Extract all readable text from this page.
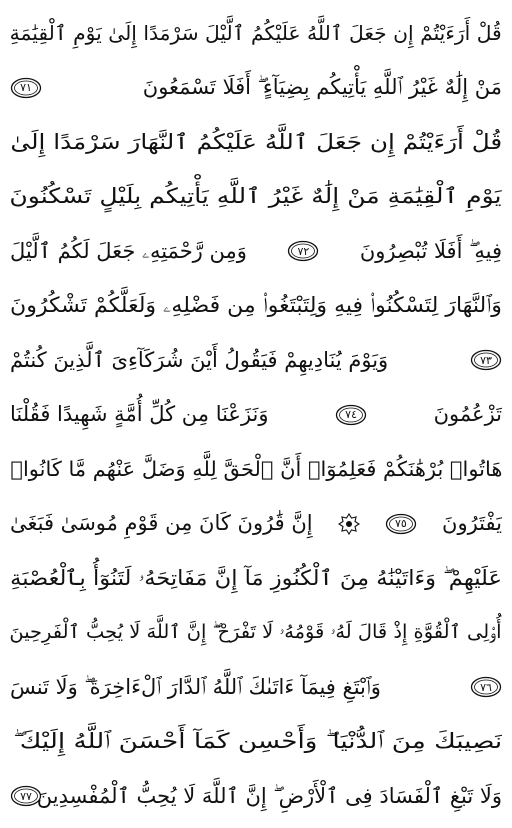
قُلْ أَرَءَيْتُمْ إِن جَعَلَ ٱللَّهُ عَلَيْكُمُ ٱلَّيْلَ سَرْمَدًا إِلَىٰ يَوْمِ ٱلْقِيَٰمَةِ
مَنْ إِلَٰهٌ غَيْرُ ٱللَّهِ يَأْتِيكُم بِضِيَآءٍ ۖ أَفَلَا تَسْمَعُونَ
٧١
قُلْ أَرَءَيْتُمْ إِن جَعَلَ ٱللَّهُ عَلَيْكُمُ ٱلنَّهَارَ سَرْمَدًا إِلَىٰ
يَوْمِ ٱلْقِيَٰمَةِ مَنْ إِلَٰهٌ غَيْرُ ٱللَّهِ يَأْتِيكُم بِلَيْلٍ تَسْكُنُونَ
فِيهِ ۖ أَفَلَا تُبْصِرُونَ
٧٢
وَمِن رَّحْمَتِهِۦ جَعَلَ لَكُمُ ٱلَّيْلَ
وَٱلنَّهَارَ لِتَسْكُنُوا۟ فِيهِ وَلِتَبْتَغُوا۟ مِن فَضْلِهِۦ وَلَعَلَّكُمْ تَشْكُرُونَ
٧٣
وَيَوْمَ يُنَادِيهِمْ فَيَقُولُ أَيْنَ شُرَكَآءِىَ ٱلَّذِينَ كُنتُمْ
تَزْعُمُونَ
٧٤
وَنَزَعْنَا مِن كُلِّ أُمَّةٍ شَهِيدًا فَقُلْنَا
هَاتُوا۟ بُرْهَٰنَكُمْ فَعَلِمُوٓا۟ أَنَّ ٱلْحَقَّ لِلَّهِ وَضَلَّ عَنْهُم مَّا كَانُوا۟
يَفْتَرُونَ
٧٥
إِنَّ قَٰرُونَ كَانَ مِن قَوْمِ مُوسَىٰ فَبَغَىٰ
عَلَيْهِمْ ۖ وَءَاتَيْنَٰهُ مِنَ ٱلْكُنُوزِ مَآ إِنَّ مَفَاتِحَهُۥ لَتَنُوٓأُ بِٱلْعُصْبَةِ
أُو۟لِى ٱلْقُوَّةِ إِذْ قَالَ لَهُۥ قَوْمُهُۥ لَا تَفْرَحْ ۖ إِنَّ ٱللَّهَ لَا يُحِبُّ ٱلْفَرِحِينَ
٧٦
وَٱبْتَغِ فِيمَآ ءَاتَىٰكَ ٱللَّهُ ٱلدَّارَ ٱلْءَاخِرَةَ ۖ وَلَا تَنسَ
نَصِيبَكَ مِنَ ٱلدُّنْيَا ۖ وَأَحْسِن كَمَآ أَحْسَنَ ٱللَّهُ إِلَيْكَ ۖ
وَلَا تَبْغِ ٱلْفَسَادَ فِى ٱلْأَرْضِ ۖ إِنَّ ٱللَّهَ لَا يُحِبُّ ٱلْمُفْسِدِينَ
٧٧
